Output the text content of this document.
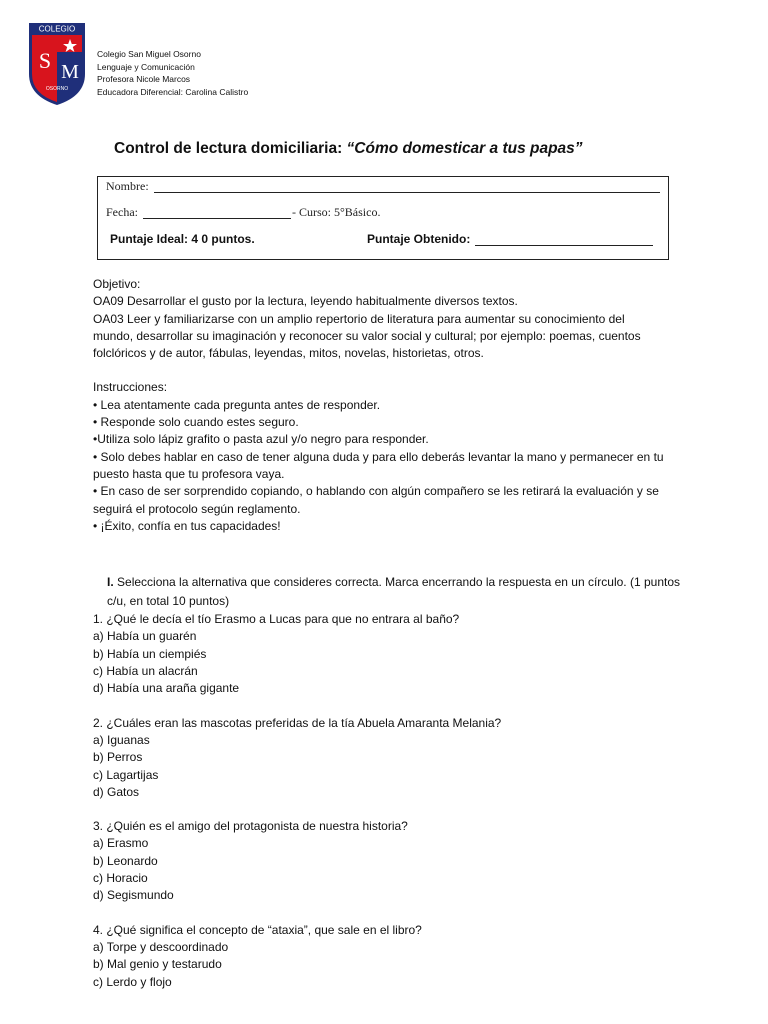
COLEGIO
S M
OSORNO
Colegio San Miguel Osorno
Lenguaje y Comunicación
Profesora Nicole Marcos
Educadora Diferencial: Carolina Calistro
Control de lectura domiciliaria: “Cómo domesticar a tus papas”
Nombre:
Fecha:	- Curso: 5°Básico.
Puntaje Ideal: 4 0 puntos.	Puntaje Obtenido:

Objetivo:

OA09 Desarrollar el gusto por la lectura, leyendo habitualmente diversos textos.

OA03 Leer y familiarizarse con un amplio repertorio de literatura para aumentar su conocimiento del

mundo, desarrollar su imaginación y reconocer su valor social y cultural; por ejemplo: poemas, cuentos

folclóricos y de autor, fábulas, leyendas, mitos, novelas, historietas, otros.

Instrucciones:

• Lea atentamente cada pregunta antes de responder.

• Responde solo cuando estes seguro.

•Utiliza solo lápiz grafito o pasta azul y/o negro para responder.

• Solo debes hablar en caso de tener alguna duda y para ello deberás levantar la mano y permanecer en tu

puesto hasta que tu profesora vaya.

• En caso de ser sorprendido copiando, o hablando con algún compañero se les retirará la evaluación y se

seguirá el protocolo según reglamento.

• ¡Éxito, confía en tus capacidades!

I. Selecciona la alternativa que consideres correcta. Marca encerrando la respuesta en un círculo. (1 puntos

c/u, en total 10 puntos)

1. ¿Qué le decía el tío Erasmo a Lucas para que no entrara al baño?

a) Había un guarén

b) Había un ciempiés

c) Había un alacrán

d) Había una araña gigante

2. ¿Cuáles eran las mascotas preferidas de la tía Abuela Amaranta Melania?

a) Iguanas

b) Perros

c) Lagartijas

d) Gatos

3. ¿Quién es el amigo del protagonista de nuestra historia?

a) Erasmo

b) Leonardo

c) Horacio

d) Segismundo

4. ¿Qué significa el concepto de “ataxia”, que sale en el libro?

a) Torpe y descoordinado

b) Mal genio y testarudo

c) Lerdo y flojo
